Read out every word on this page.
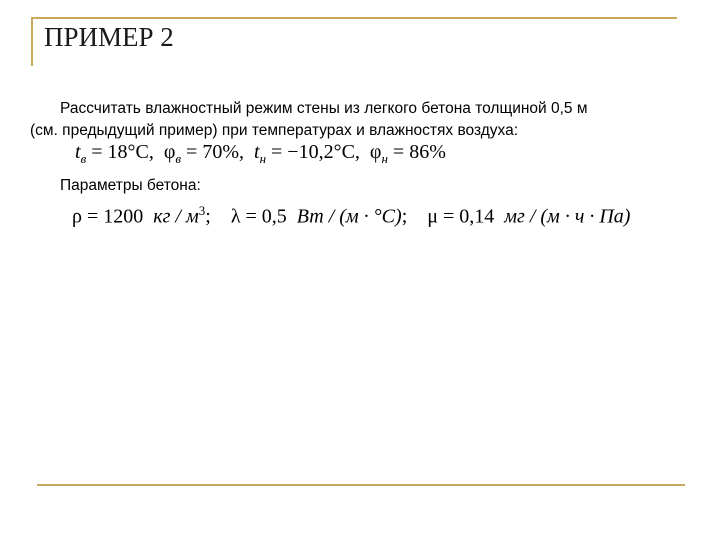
ПРИМЕР 2
Рассчитать влажностный режим стены из легкого бетона толщиной 0,5 м
(см. предыдущий пример) при температурах и влажностях воздуха:
$t_в = 18^\circ С$, $\varphi_в = 70\%$, $t_н = -10,2^\circ С$, $\varphi_н = 86\%$
Параметры бетона:
ρ = 1200 кг / $м^3$; λ = 0,5 Вт / (м · °С); μ = 0,14 мг / (м · ч · Па)
